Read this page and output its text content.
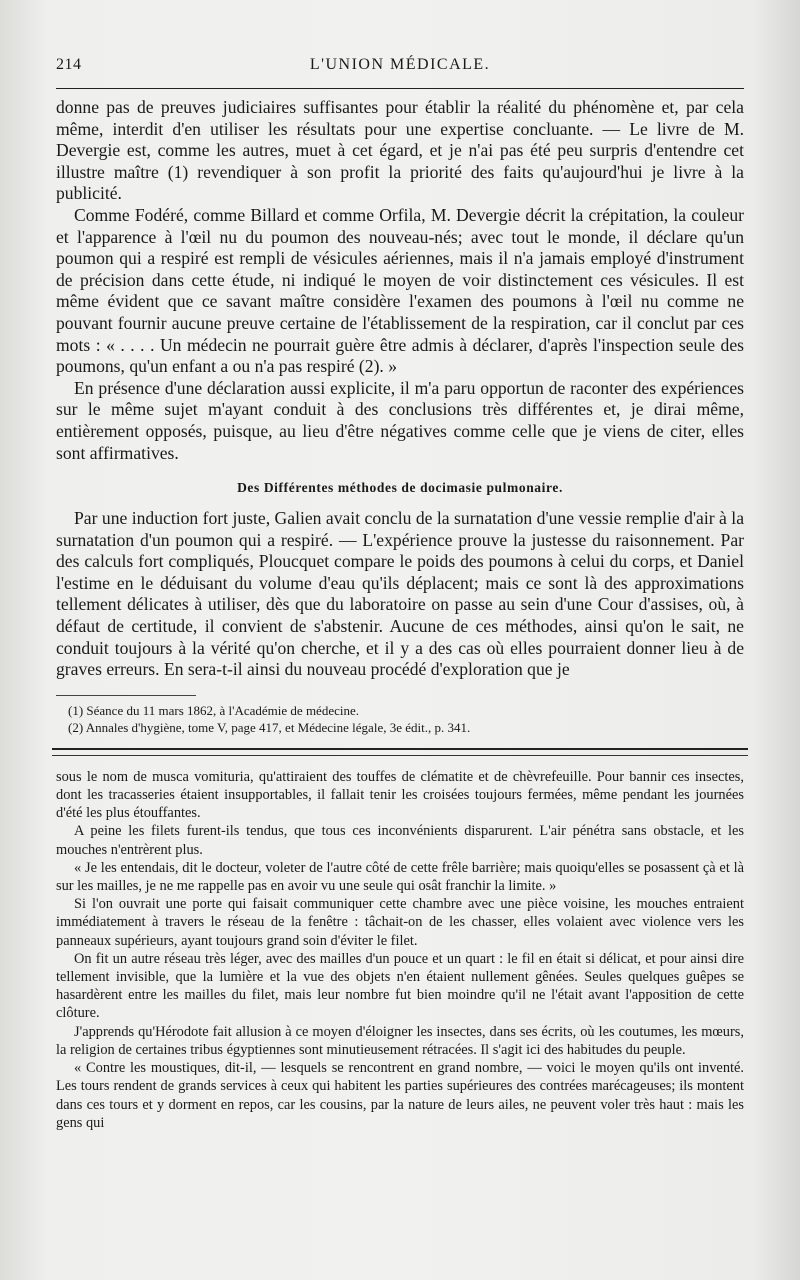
214	L'UNION MÉDICALE.

donne pas de preuves judiciaires suffisantes pour établir la réalité du phénomène et, par cela même, interdit d'en utiliser les résultats pour une expertise concluante. — Le livre de M. Devergie est, comme les autres, muet à cet égard, et je n'ai pas été peu surpris d'entendre cet illustre maître (1) revendiquer à son profit la priorité des faits qu'aujourd'hui je livre à la publicité.

Comme Fodéré, comme Billard et comme Orfila, M. Devergie décrit la crépitation, la couleur et l'apparence à l'œil nu du poumon des nouveau-nés; avec tout le monde, il déclare qu'un poumon qui a respiré est rempli de vésicules aériennes, mais il n'a jamais employé d'instrument de précision dans cette étude, ni indiqué le moyen de voir distinctement ces vésicules. Il est même évident que ce savant maître considère l'examen des poumons à l'œil nu comme ne pouvant fournir aucune preuve certaine de l'établissement de la respiration, car il conclut par ces mots : « . . . . Un médecin ne pourrait guère être admis à déclarer, d'après l'inspection seule des poumons, qu'un enfant a ou n'a pas respiré (2). »

En présence d'une déclaration aussi explicite, il m'a paru opportun de raconter des expériences sur le même sujet m'ayant conduit à des conclusions très différentes et, je dirai même, entièrement opposés, puisque, au lieu d'être négatives comme celle que je viens de citer, elles sont affirmatives.

Des Différentes méthodes de docimasie pulmonaire.

Par une induction fort juste, Galien avait conclu de la surnatation d'une vessie remplie d'air à la surnatation d'un poumon qui a respiré. — L'expérience prouve la justesse du raisonnement. Par des calculs fort compliqués, Ploucquet compare le poids des poumons à celui du corps, et Daniel l'estime en le déduisant du volume d'eau qu'ils déplacent; mais ce sont là des approximations tellement délicates à utiliser, dès que du laboratoire on passe au sein d'une Cour d'assises, où, à défaut de certitude, il convient de s'abstenir. Aucune de ces méthodes, ainsi qu'on le sait, ne conduit toujours à la vérité qu'on cherche, et il y a des cas où elles pourraient donner lieu à de graves erreurs. En sera-t-il ainsi du nouveau procédé d'exploration que je

(1) Séance du 11 mars 1862, à l'Académie de médecine.
(2) Annales d'hygiène, tome V, page 417, et Médecine légale, 3e édit., p. 341.

sous le nom de musca vomituria, qu'attiraient des touffes de clématite et de chèvrefeuille. Pour bannir ces insectes, dont les tracasseries étaient insupportables, il fallait tenir les croisées toujours fermées, même pendant les journées d'été les plus étouffantes.

A peine les filets furent-ils tendus, que tous ces inconvénients disparurent. L'air pénétra sans obstacle, et les mouches n'entrèrent plus.

« Je les entendais, dit le docteur, voleter de l'autre côté de cette frêle barrière; mais quoiqu'elles se posassent çà et là sur les mailles, je ne me rappelle pas en avoir vu une seule qui osât franchir la limite. »

Si l'on ouvrait une porte qui faisait communiquer cette chambre avec une pièce voisine, les mouches entraient immédiatement à travers le réseau de la fenêtre : tâchait-on de les chasser, elles volaient avec violence vers les panneaux supérieurs, ayant toujours grand soin d'éviter le filet.

On fit un autre réseau très léger, avec des mailles d'un pouce et un quart : le fil en était si délicat, et pour ainsi dire tellement invisible, que la lumière et la vue des objets n'en étaient nullement gênées. Seules quelques guêpes se hasardèrent entre les mailles du filet, mais leur nombre fut bien moindre qu'il ne l'était avant l'apposition de cette clôture.

J'apprends qu'Hérodote fait allusion à ce moyen d'éloigner les insectes, dans ses écrits, où les coutumes, les mœurs, la religion de certaines tribus égyptiennes sont minutieusement rétracées. Il s'agit ici des habitudes du peuple.

« Contre les moustiques, dit-il, — lesquels se rencontrent en grand nombre, — voici le moyen qu'ils ont inventé. Les tours rendent de grands services à ceux qui habitent les parties supérieures des contrées marécageuses; ils montent dans ces tours et y dorment en repos, car les cousins, par la nature de leurs ailes, ne peuvent voler très haut : mais les gens qui
